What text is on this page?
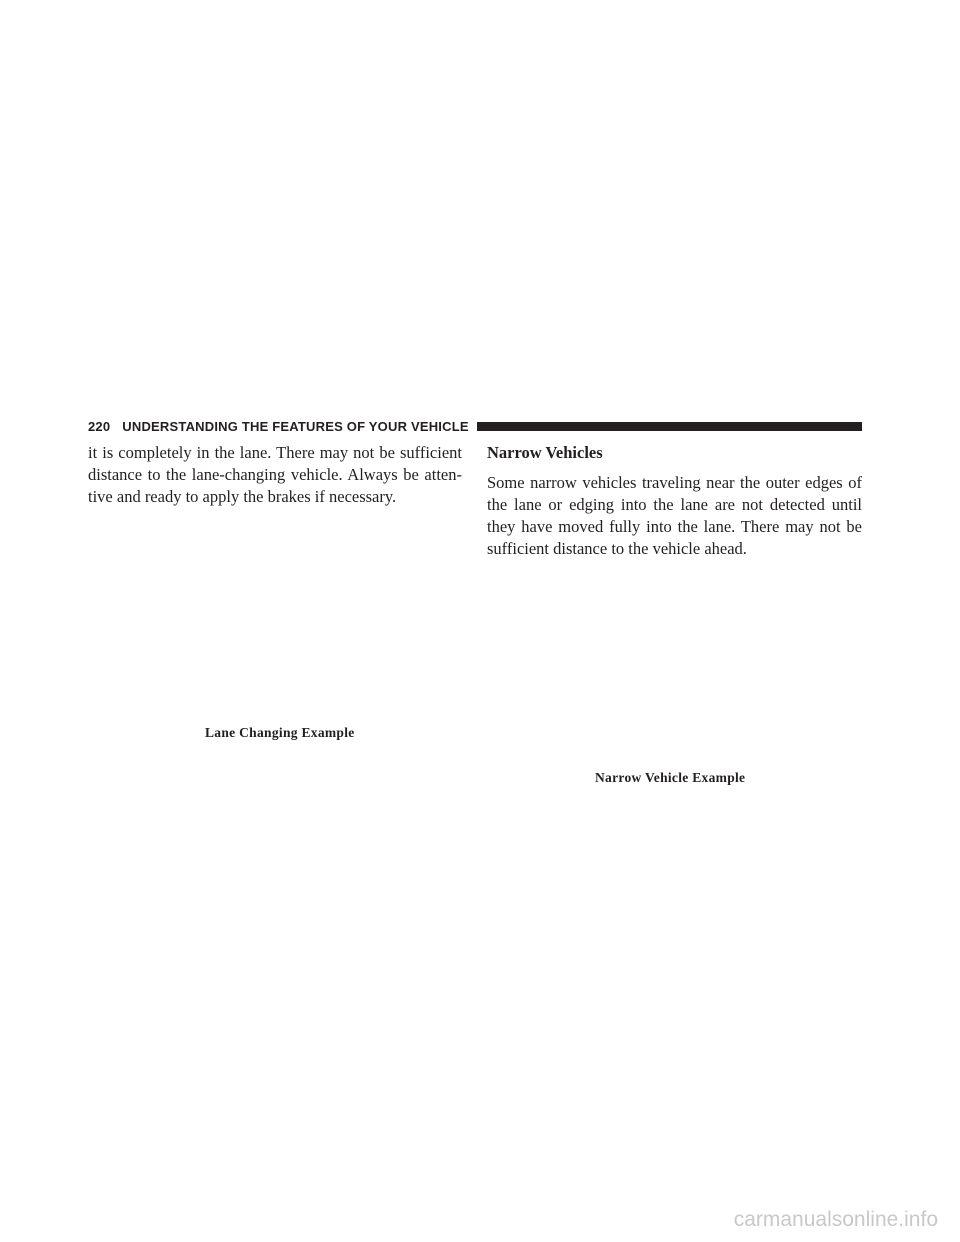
220 UNDERSTANDING THE FEATURES OF YOUR VEHICLE

it is completely in the lane. There may not be sufficient distance to the lane-changing vehicle. Always be attentive and ready to apply the brakes if necessary.

Narrow Vehicles

Some narrow vehicles traveling near the outer edges of the lane or edging into the lane are not detected until they have moved fully into the lane. There may not be sufficient distance to the vehicle ahead.

Lane Changing Example
Narrow Vehicle Example
carmanualsonline.info
